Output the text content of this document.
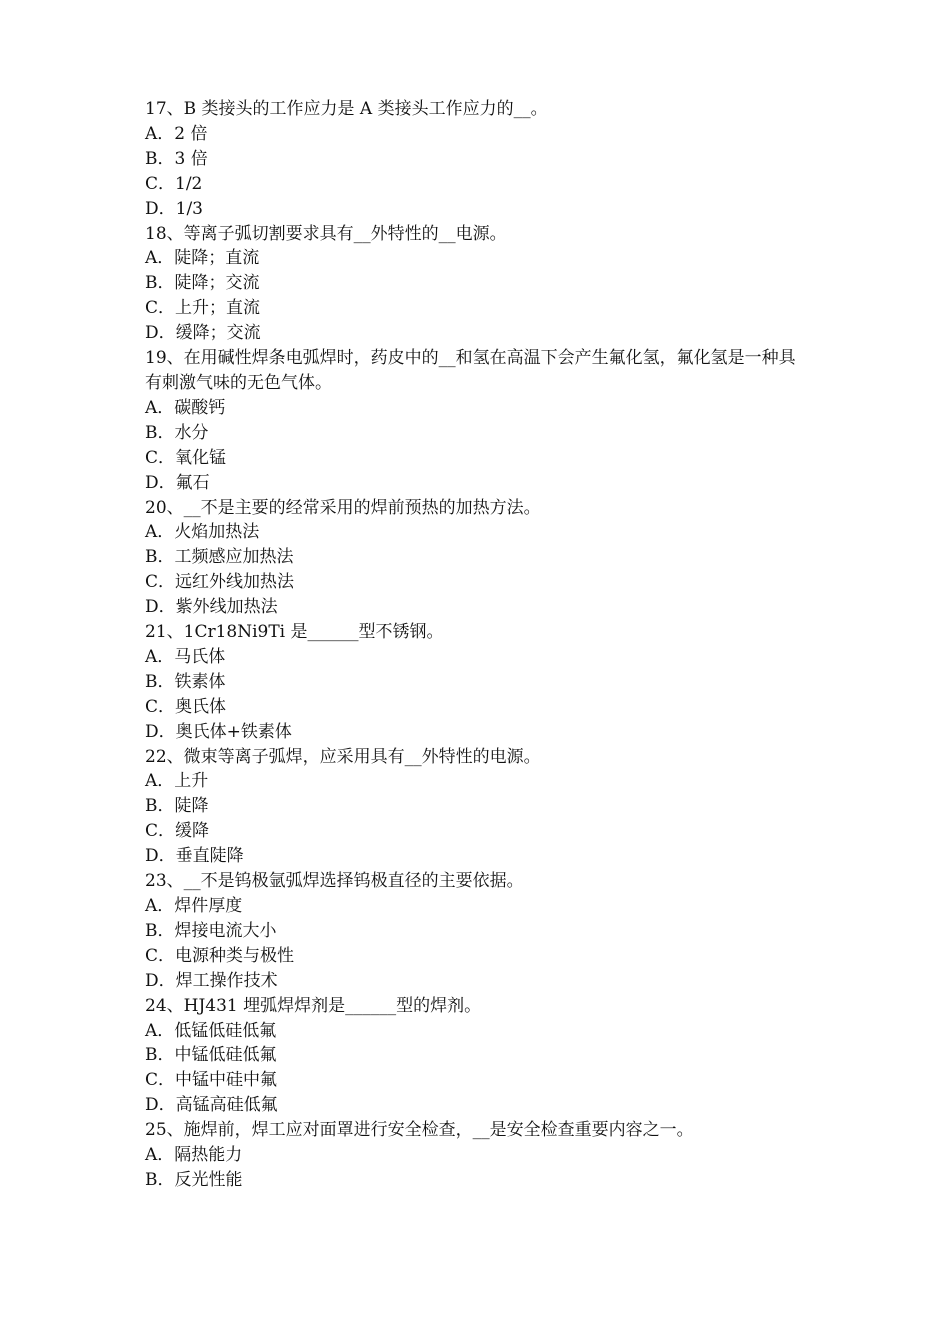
17、B 类接头的工作应力是 A 类接头工作应力的__。
A．2 倍
B．3 倍
C．1/2
D．1/3
18、等离子弧切割要求具有__外特性的__电源。
A．陡降；直流
B．陡降；交流
C．上升；直流
D．缓降；交流
19、在用碱性焊条电弧焊时，药皮中的__和氢在高温下会产生氟化氢，氟化氢是一种具有刺激气味的无色气体。
A．碳酸钙
B．水分
C．氧化锰
D．氟石
20、__不是主要的经常采用的焊前预热的加热方法。
A．火焰加热法
B．工频感应加热法
C．远红外线加热法
D．紫外线加热法
21、1Cr18Ni9Ti 是______型不锈钢。
A．马氏体
B．铁素体
C．奥氏体
D．奥氏体+铁素体
22、微束等离子弧焊，应采用具有__外特性的电源。
A．上升
B．陡降
C．缓降
D．垂直陡降
23、__不是钨极氩弧焊选择钨极直径的主要依据。
A．焊件厚度
B．焊接电流大小
C．电源种类与极性
D．焊工操作技术
24、HJ431 埋弧焊焊剂是______型的焊剂。
A．低锰低硅低氟
B．中锰低硅低氟
C．中锰中硅中氟
D．高锰高硅低氟
25、施焊前，焊工应对面罩进行安全检查，__是安全检查重要内容之一。
A．隔热能力
B．反光性能
